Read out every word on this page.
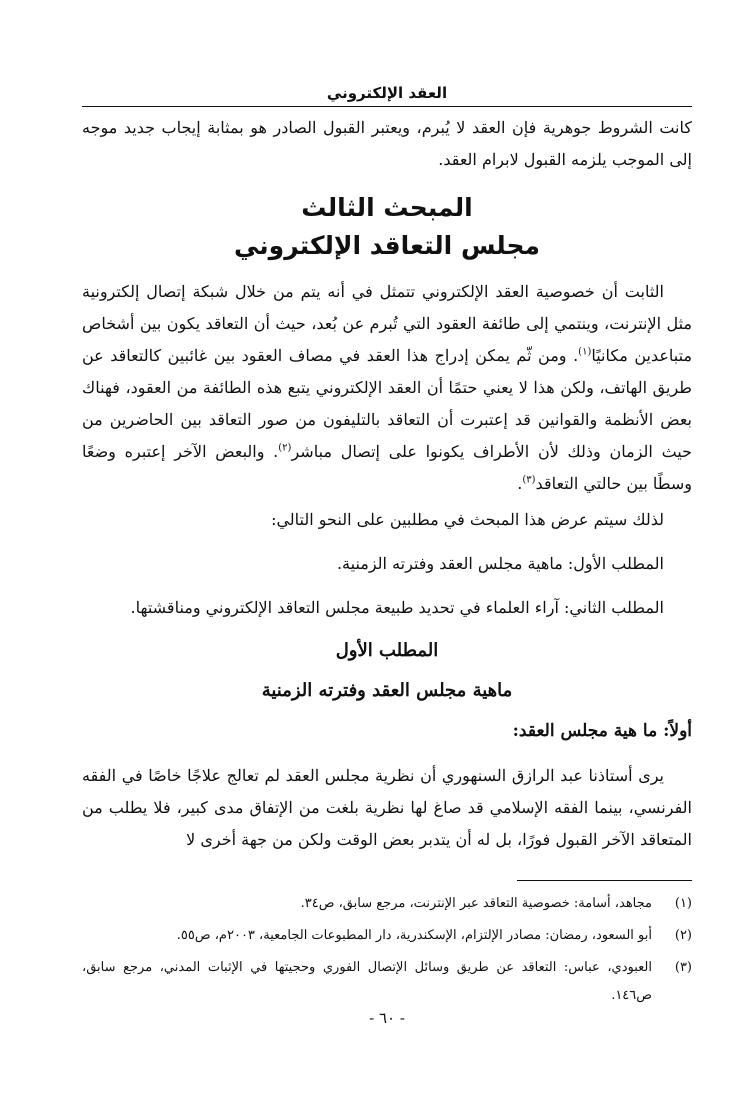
العقد الإلكتروني

كانت الشروط جوهرية فإن العقد لا يُبرم، ويعتبر القبول الصادر هو بمثابة إيجاب جديد موجه إلى الموجب يلزمه القبول لابرام العقد.

المبحث الثالث
مجلس التعاقد الإلكتروني

الثابت أن خصوصية العقد الإلكتروني تتمثل في أنه يتم من خلال شبكة إتصال إلكترونية مثل الإنترنت، وينتمي إلى طائفة العقود التي تُبرم عن بُعد، حيث أن التعاقد يكون بين أشخاص متباعدين مكانيًا$^{(١)}$. ومن ثّم يمكن إدراج هذا العقد في مصاف العقود بين غائبين كالتعاقد عن طريق الهاتف، ولكن هذا لا يعني حتمًا أن العقد الإلكتروني يتبع هذه الطائفة من العقود، فهناك بعض الأنظمة والقوانين قد إعتبرت أن التعاقد بالتليفون من صور التعاقد بين الحاضرين من حيث الزمان وذلك لأن الأطراف يكونوا على إتصال مباشر$^{(٢)}$. والبعض الآخر إعتبره وضعًا وسطًا بين حالتي التعاقد$^{(٣)}$.

لذلك سيتم عرض هذا المبحث في مطلبين على النحو التالي:

المطلب الأول: ماهية مجلس العقد وفترته الزمنية.

المطلب الثاني: آراء العلماء في تحديد طبيعة مجلس التعاقد الإلكتروني ومناقشتها.

المطلب الأول
ماهية مجلس العقد وفترته الزمنية
أولاً: ما هية مجلس العقد:

يرى أستاذنا عبد الرازق السنهوري أن نظرية مجلس العقد لم تعالج علاجًا خاصًا في الفقه الفرنسي، بينما الفقه الإسلامي قد صاغ لها نظرية بلغت من الإتفاق مدى كبير، فلا يطلب من المتعاقد الآخر القبول فورًا، بل له أن يتدبر بعض الوقت ولكن من جهة أخرى لا

(١)
مجاهد، أسامة: خصوصية التعاقد عبر الإنترنت، مرجع سابق، ص٣٤.
(٢)
أبو السعود، رمضان: مصادر الإلتزام، الإسكندرية، دار المطبوعات الجامعية، ٢٠٠٣م، ص٥٥.
(٣)
العبودي، عباس: التعاقد عن طريق وسائل الإتصال الفوري وحجيتها في الإثبات المدني، مرجع سابق، ص١٤٦.
- ٦٠ -
